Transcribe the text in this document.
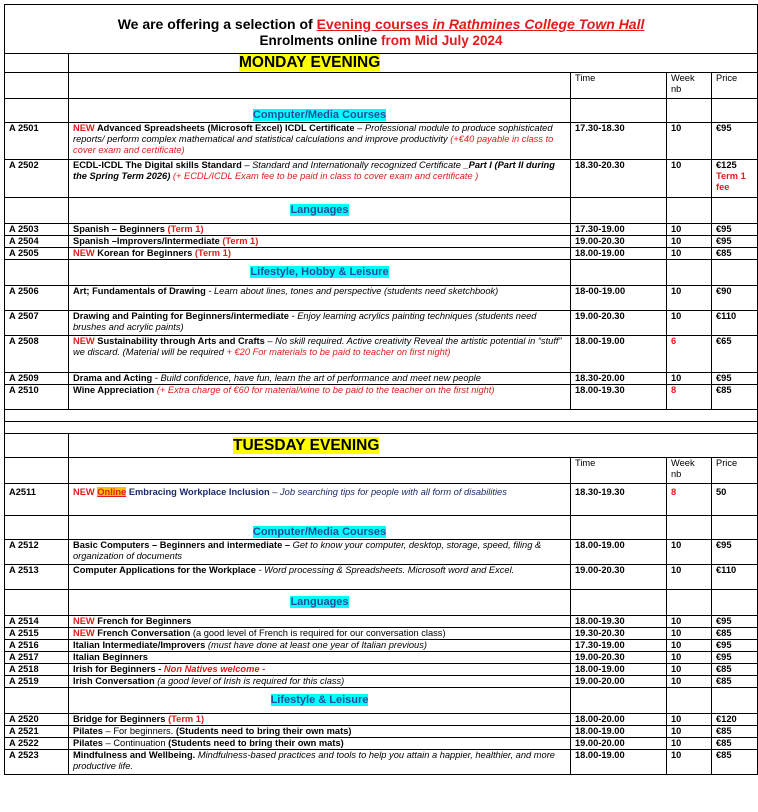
We are offering a selection of Evening courses in Rathmines College Town Hall
Enrolments online from Mid July 2024				

	MONDAY EVENING			
		Time	Week nb	Price
	Computer/Media Courses			
A 2501	NEW Advanced Spreadsheets (Microsoft Excel) ICDL Certificate – Professional module to produce sophisticated reports/ perform complex mathematical and statistical calculations and improve productivity (+€40 payable in class to cover exam and certificate)	17.30-18.30	10	€95
A 2502	ECDL-ICDL The Digital skills Standard – Standard and Internationally recognized Certificate _Part I (Part II during the Spring Term 2026) (+ ECDL/ICDL Exam fee to be paid in class to cover exam and certificate )	18.30-20.30	10	€125
Term 1 fee
	Languages			
A 2503	Spanish – Beginners (Term 1)	17.30-19.00	10	€95
A 2504	Spanish –Improvers/Intermediate (Term 1)	19.00-20.30	10	€95
A 2505	NEW Korean for Beginners (Term 1)	18.00-19.00	10	€85
	Lifestyle, Hobby & Leisure			
A 2506	Art; Fundamentals of Drawing - Learn about lines, tones and perspective (students need sketchbook)	18-00-19.00	10	€90
A 2507	Drawing and Painting for Beginners/intermediate - Enjoy learning acrylics painting techniques (students need brushes and acrylic paints)	19.00-20.30	10	€110
A 2508	NEW Sustainability through Arts and Crafts – No skill required. Active creativity Reveal the artistic potential in “stuff” we discard. (Material will be required + €20 For materials to be paid to teacher on first night)	18.00-19.00	6	€65
A 2509	Drama and Acting - Build confidence, have fun, learn the art of performance and meet new people	18.30-20.00	10	€95
A 2510	Wine Appreciation (+ Extra charge of €60 for material/wine to be paid to the teacher on the first night)	18.00-19.30	8	€85

	TUESDAY EVENING			
		Time	Week nb	Price
A2511	NEW Online Embracing Workplace Inclusion – Job searching tips for people with all form of disabilities	18.30-19.30	8	50
	Computer/Media Courses			
A 2512	Basic Computers – Beginners and intermediate – Get to know your computer, desktop, storage, speed, filing & organization of documents	18.00-19.00	10	€95
A 2513	Computer Applications for the Workplace - Word processing & Spreadsheets. Microsoft word and Excel.	19.00-20.30	10	€110
	Languages			
A 2514	NEW French for Beginners	18.00-19.30	10	€95
A 2515	NEW French Conversation (a good level of French is required for our conversation class)	19.30-20.30	10	€85
A 2516	Italian Intermediate/Improvers (must have done at least one year of Italian previous)	17.30-19.00	10	€95
A 2517	Italian Beginners	19.00-20.30	10	€95
A 2518	Irish for Beginners - Non Natives welcome -	18.00-19.00	10	€85
A 2519	Irish Conversation (a good level of Irish is required for this class)	19.00-20.00	10	€85
	Lifestyle & Leisure			
A 2520	Bridge for Beginners (Term 1)	18.00-20.00	10	€120
A 2521	Pilates – For beginners. (Students need to bring their own mats)	18.00-19.00	10	€85
A 2522	Pilates – Continuation (Students need to bring their own mats)	19.00-20.00	10	€85
A 2523	Mindfulness and Wellbeing. Mindfulness-based practices and tools to help you attain a happier, healthier, and more productive life.	18.00-19.00	10	€85
